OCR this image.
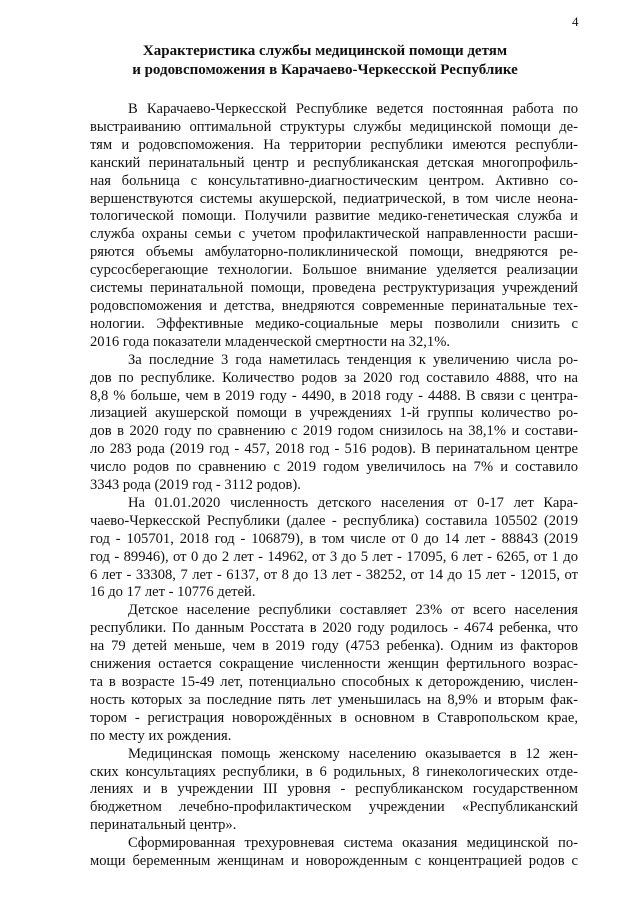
4
Характеристика службы медицинской помощи детям
и родовспоможения в Карачаево-Черкесской Республике

В Карачаево-Черкесской Республике ведется постоянная работа по
выстраиванию оптимальной структуры службы медицинской помощи де-
тям и родовспоможения. На территории республики имеются республи-
канский перинатальный центр и республиканская детская многопрофиль-
ная больница с консультативно-диагностическим центром. Активно со-
вершенствуются системы акушерской, педиатрической, в том числе неона-
тологической помощи. Получили развитие медико-генетическая служба и
служба охраны семьи с учетом профилактической направленности расши-
ряются объемы амбулаторно-поликлинической помощи, внедряются ре-
сурсосберегающие технологии. Большое внимание уделяется реализации
системы перинатальной помощи, проведена реструктуризация учреждений
родовспоможения и детства, внедряются современные перинатальные тех-
нологии. Эффективные медико-социальные меры позволили снизить с
2016 года показатели младенческой смертности на 32,1%.

За последние 3 года наметилась тенденция к увеличению числа ро-
дов по республике. Количество родов за 2020 год составило 4888, что на
8,8 % больше, чем в 2019 году - 4490, в 2018 году - 4488. В связи с центра-
лизацией акушерской помощи в учреждениях 1-й группы количество ро-
дов в 2020 году по сравнению с 2019 годом снизилось на 38,1% и состави-
ло 283 рода (2019 год - 457, 2018 год - 516 родов). В перинатальном центре
число родов по сравнению с 2019 годом увеличилось на 7% и составило
3343 рода (2019 год - 3112 родов).

На 01.01.2020 численность детского населения от 0-17 лет Кара-
чаево-Черкесской Республики (далее - республика) составила 105502 (2019
год - 105701, 2018 год - 106879), в том числе от 0 до 14 лет - 88843 (2019
год - 89946), от 0 до 2 лет - 14962, от 3 до 5 лет - 17095, 6 лет - 6265, от 1 до
6 лет - 33308, 7 лет - 6137, от 8 до 13 лет - 38252, от 14 до 15 лет - 12015, от
16 до 17 лет - 10776 детей.

Детское население республики составляет 23% от всего населения
республики. По данным Росстата в 2020 году родилось - 4674 ребенка, что
на 79 детей меньше, чем в 2019 году (4753 ребенка). Одним из факторов
снижения остается сокращение численности женщин фертильного возрас-
та в возрасте 15-49 лет, потенциально способных к деторождению, числен-
ность которых за последние пять лет уменьшилась на 8,9% и вторым фак-
тором - регистрация новорождённых в основном в Ставропольском крае,
по месту их рождения.

Медицинская помощь женскому населению оказывается в 12 жен-
ских консультациях республики, в 6 родильных, 8 гинекологических отде-
лениях и в учреждении III уровня - республиканском государственном
бюджетном лечебно-профилактическом учреждении «Республиканский
перинатальный центр».

Сформированная трехуровневая система оказания медицинской по-
мощи беременным женщинам и новорожденным с концентрацией родов с
